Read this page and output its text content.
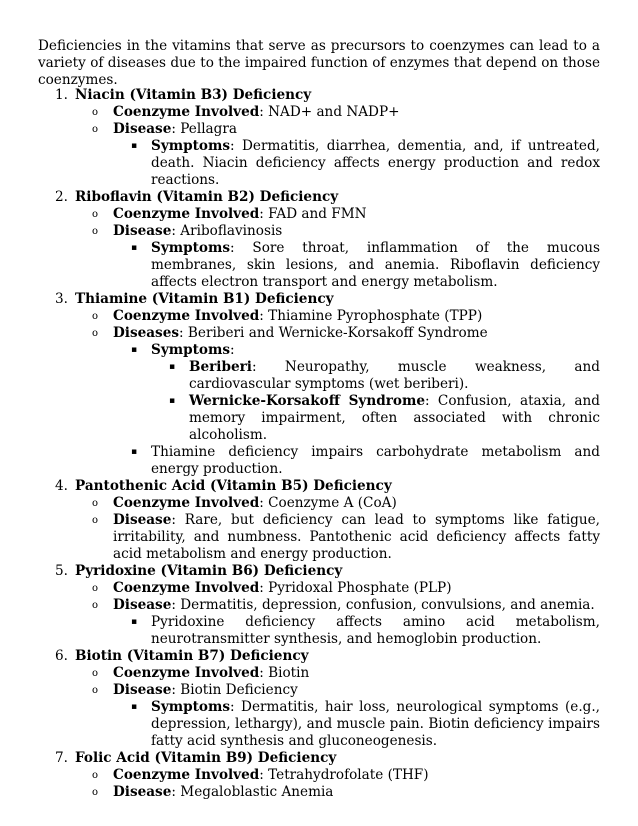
Deficiencies in the vitamins that serve as precursors to coenzymes can lead to a variety of diseases due to the impaired function of enzymes that depend on those coenzymes.

1. Niacin (Vitamin B3) Deficiency
o Coenzyme Involved: NAD+ and NADP+
o Disease: Pellagra
▪ Symptoms: Dermatitis, diarrhea, dementia, and, if untreated, death. Niacin deficiency affects energy production and redox reactions.
2. Riboflavin (Vitamin B2) Deficiency
o Coenzyme Involved: FAD and FMN
o Disease: Ariboflavinosis
▪ Symptoms: Sore throat, inflammation of the mucous membranes, skin lesions, and anemia. Riboflavin deficiency affects electron transport and energy metabolism.
3. Thiamine (Vitamin B1) Deficiency
o Coenzyme Involved: Thiamine Pyrophosphate (TPP)
o Diseases: Beriberi and Wernicke-Korsakoff Syndrome
▪ Symptoms:
▪ Beriberi: Neuropathy, muscle weakness, and cardiovascular symptoms (wet beriberi).
▪ Wernicke-Korsakoff Syndrome: Confusion, ataxia, and memory impairment, often associated with chronic alcoholism.
▪ Thiamine deficiency impairs carbohydrate metabolism and energy production.
4. Pantothenic Acid (Vitamin B5) Deficiency
o Coenzyme Involved: Coenzyme A (CoA)
o Disease: Rare, but deficiency can lead to symptoms like fatigue, irritability, and numbness. Pantothenic acid deficiency affects fatty acid metabolism and energy production.
5. Pyridoxine (Vitamin B6) Deficiency
o Coenzyme Involved: Pyridoxal Phosphate (PLP)
o Disease: Dermatitis, depression, confusion, convulsions, and anemia.
▪ Pyridoxine deficiency affects amino acid metabolism, neurotransmitter synthesis, and hemoglobin production.
6. Biotin (Vitamin B7) Deficiency
o Coenzyme Involved: Biotin
o Disease: Biotin Deficiency
▪ Symptoms: Dermatitis, hair loss, neurological symptoms (e.g., depression, lethargy), and muscle pain. Biotin deficiency impairs fatty acid synthesis and gluconeogenesis.
7. Folic Acid (Vitamin B9) Deficiency
o Coenzyme Involved: Tetrahydrofolate (THF)
o Disease: Megaloblastic Anemia
